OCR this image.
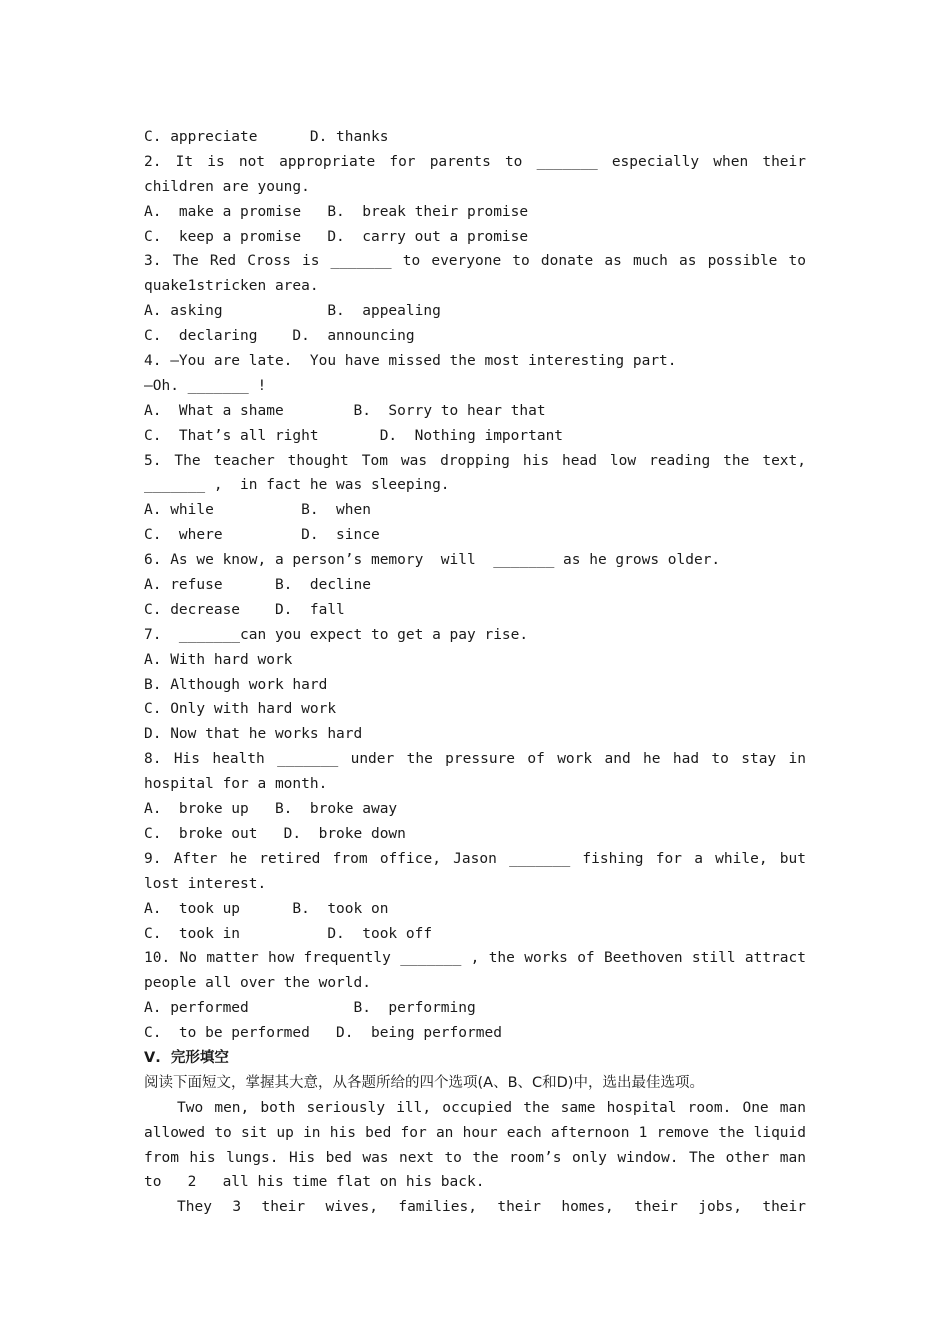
C. appreciate      D. thanks
2. It is not appropriate for parents to _______ especially when their
children are young.
A.  make a promise   B.  break their promise
C.  keep a promise   D.  carry out a promise
3. The Red Cross is _______ to everyone to donate as much as possible to
quake1stricken area.
A. asking            B.  appealing
C.  declaring    D.  announcing
4. —You are late.  You have missed the most interesting part.
—Oh. _______ !
A.  What a shame        B.  Sorry to hear that
C.  That’s all right       D.  Nothing important
5. The teacher thought Tom was dropping his head low reading the text,
_______ ,  in fact he was sleeping.
A. while          B.  when
C.  where         D.  since
6. As we know, a person’s memory  will  _______ as he grows older.
A. refuse      B.  decline
C. decrease    D.  fall
7.  _______can you expect to get a pay rise.
A. With hard work
B. Although work hard
C. Only with hard work
D. Now that he works hard
8. His health _______ under the pressure of work and he had to stay in
hospital for a month.
A.  broke up   B.  broke away
C.  broke out   D.  broke down
9. After he retired from office, Jason _______ fishing for a while, but
lost interest.
A.  took up      B.  took on
C.  took in          D.  took off
10. No matter how frequently _______ , the works of Beethoven still attract
people all over the world.
A. performed            B.  performing
C.  to be performed   D.  being performed
Ⅴ.  完形填空
阅读下面短文，掌握其大意，从各题所给的四个选项(A、B、C和D)中，选出最佳选项。
Two men, both seriously ill, occupied the same hospital room. One man
allowed to sit up in his bed for an hour each afternoon 1 remove the liquid
from his lungs. His bed was next to the room’s only window. The other man
to   2   all his time flat on his back.
They 3 their wives, families, their homes, their jobs, their
